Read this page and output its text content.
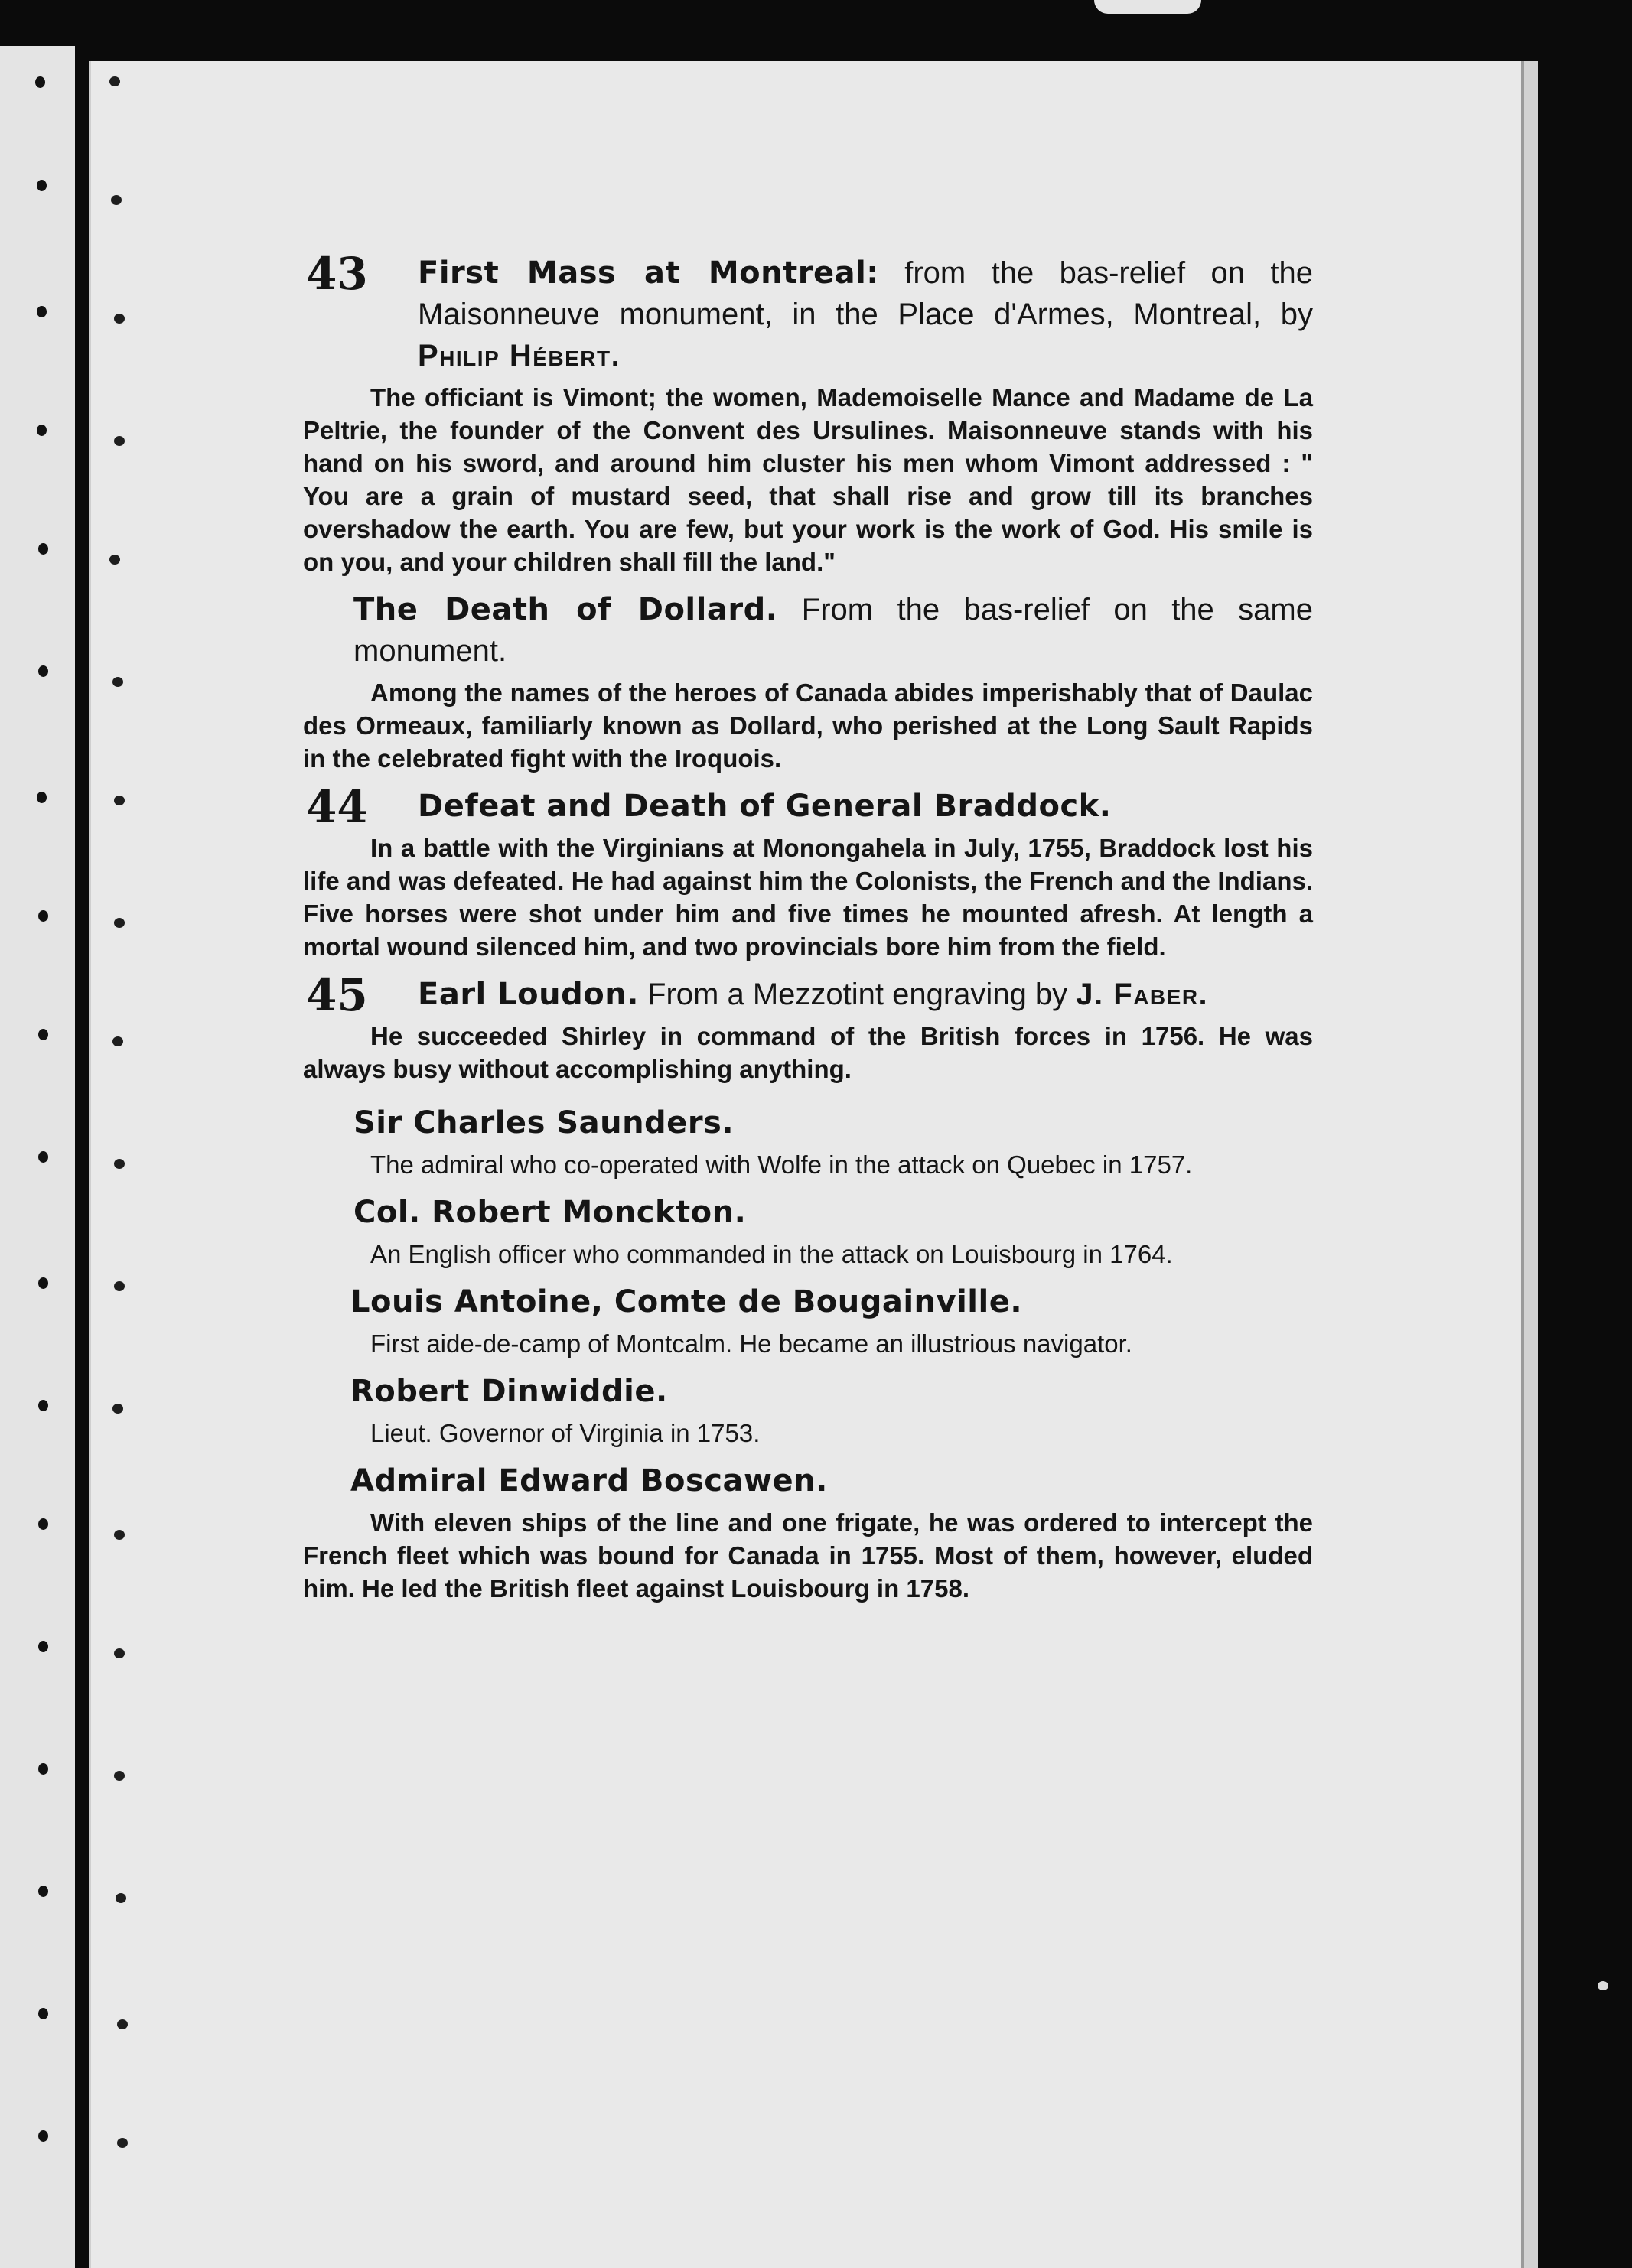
43 First Mass at Montreal: from the bas-relief on the Maisonneuve monument, in the Place d'Armes, Montreal, by Philip Hébert.

The officiant is Vimont; the women, Mademoiselle Mance and Madame de La Peltrie, the founder of the Convent des Ursulines. Maisonneuve stands with his hand on his sword, and around him cluster his men whom Vimont addressed : " You are a grain of mustard seed, that shall rise and grow till its branches overshadow the earth. You are few, but your work is the work of God. His smile is on you, and your children shall fill the land."

The Death of Dollard. From the bas-relief on the same monument.

Among the names of the heroes of Canada abides imperishably that of Daulac des Ormeaux, familiarly known as Dollard, who perished at the Long Sault Rapids in the celebrated fight with the Iroquois.

44 Defeat and Death of General Braddock.

In a battle with the Virginians at Monongahela in July, 1755, Braddock lost his life and was defeated. He had against him the Colonists, the French and the Indians. Five horses were shot under him and five times he mounted afresh. At length a mortal wound silenced him, and two provincials bore him from the field.

45 Earl Loudon. From a Mezzotint engraving by J. Faber.

He succeeded Shirley in command of the British forces in 1756. He was always busy without accomplishing anything.

Sir Charles Saunders.

The admiral who co-operated with Wolfe in the attack on Quebec in 1757.

Col. Robert Monckton.

An English officer who commanded in the attack on Louisbourg in 1764.

Louis Antoine, Comte de Bougainville.

First aide-de-camp of Montcalm. He became an illustrious navigator.

Robert Dinwiddie.

Lieut. Governor of Virginia in 1753.

Admiral Edward Boscawen.

With eleven ships of the line and one frigate, he was ordered to intercept the French fleet which was bound for Canada in 1755. Most of them, however, eluded him. He led the British fleet against Louisbourg in 1758.
